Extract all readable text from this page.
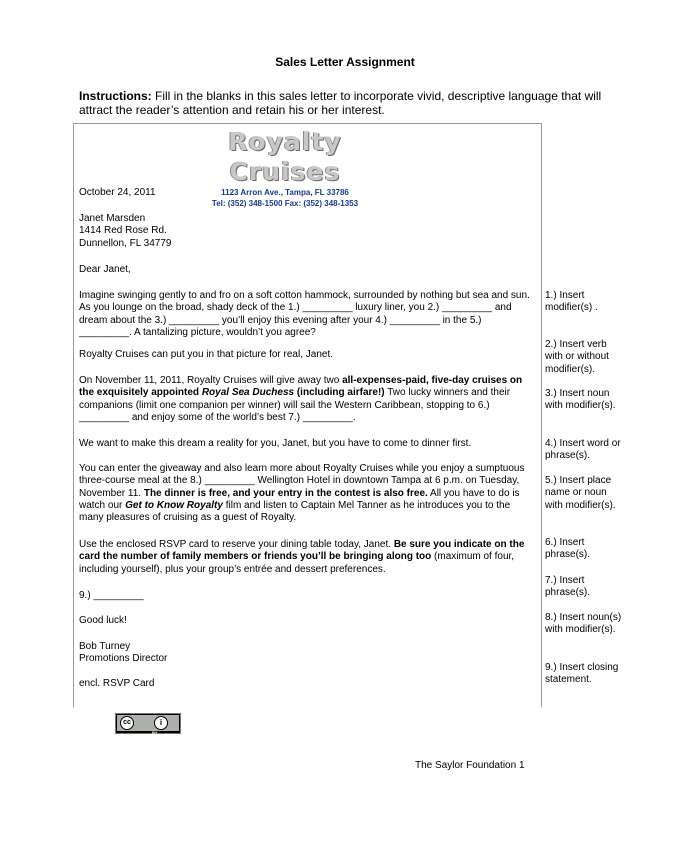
Sales Letter Assignment
Instructions: Fill in the blanks in this sales letter to incorporate vivid, descriptive language that will attract the reader’s attention and retain his or her interest.
Royalty Cruises
1123 Arron Ave., Tampa, FL 33786
Tel: (352) 348-1500 Fax: (352) 348-1353
October 24, 2011

Janet Marsden

1414 Red Rose Rd.

Dunnellon, FL 34779

Dear Janet,
Imagine swinging gently to and fro on a soft cotton hammock, surrounded by nothing but sea and sun. As you lounge on the broad, shady deck of the 1.) _________ luxury liner, you 2.) _________ and dream about the 3.) _________ you’ll enjoy this evening after your 4.) _________ in the 5.) _________. A tantalizing picture, wouldn’t you agree?
Royalty Cruises can put you in that picture for real, Janet.
On November 11, 2011, Royalty Cruises will give away two all-expenses-paid, five-day cruises on the exquisitely appointed Royal Sea Duchess (including airfare!) Two lucky winners and their companions (limit one companion per winner) will sail the Western Caribbean, stopping to 6.) _________ and enjoy some of the world’s best 7.) _________.
We want to make this dream a reality for you, Janet, but you have to come to dinner first.
You can enter the giveaway and also learn more about Royalty Cruises while you enjoy a sumptuous three-course meal at the 8.) _________ Wellington Hotel in downtown Tampa at 6 p.m. on Tuesday, November 11. The dinner is free, and your entry in the contest is also free. All you have to do is watch our Get to Know Royalty film and listen to Captain Mel Tanner as he introduces you to the many pleasures of cruising as a guest of Royalty.
Use the enclosed RSVP card to reserve your dining table today, Janet. Be sure you indicate on the card the number of family members or friends you’ll be bringing along too (maximum of four, including yourself), plus your group’s entrée and dessert preferences.
9.) _________
Good luck!

Bob Turney

Promotions Director

encl. RSVP Card
1.) Insert modifier(s) .
2.) Insert verb with or without modifier(s).
3.) Insert noun with modifier(s).
4.) Insert word or phrase(s).
5.) Insert place name or noun with modifier(s).
6.) Insert phrase(s).
7.) Insert phrase(s).
8.) Insert noun(s) with modifier(s).
9.) Insert closing statement.
cc	i
BY
The Saylor Foundation 1
